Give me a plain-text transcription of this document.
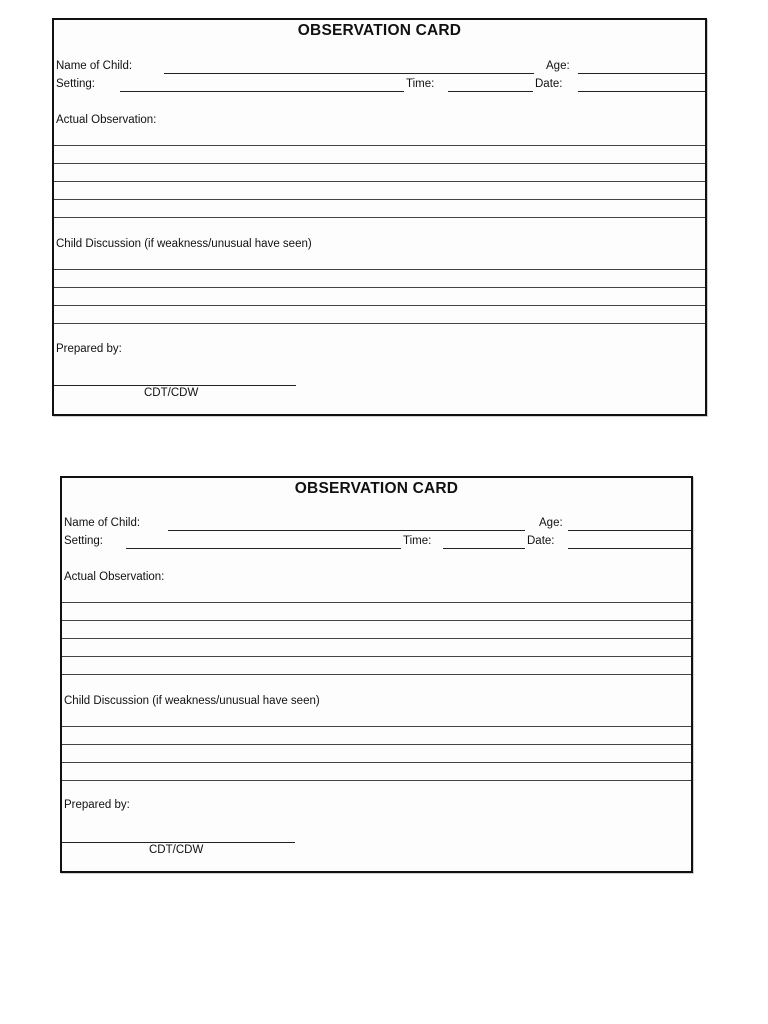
OBSERVATION CARD
Name of Child:	Age:
Setting:	Time:	Date:
Actual Observation:
Child Discussion (if weakness/unusual have seen)
Prepared by:
CDT/CDW
OBSERVATION CARD
Name of Child:	Age:
Setting:	Time:	Date:
Actual Observation:
Child Discussion (if weakness/unusual have seen)
Prepared by:
CDT/CDW
